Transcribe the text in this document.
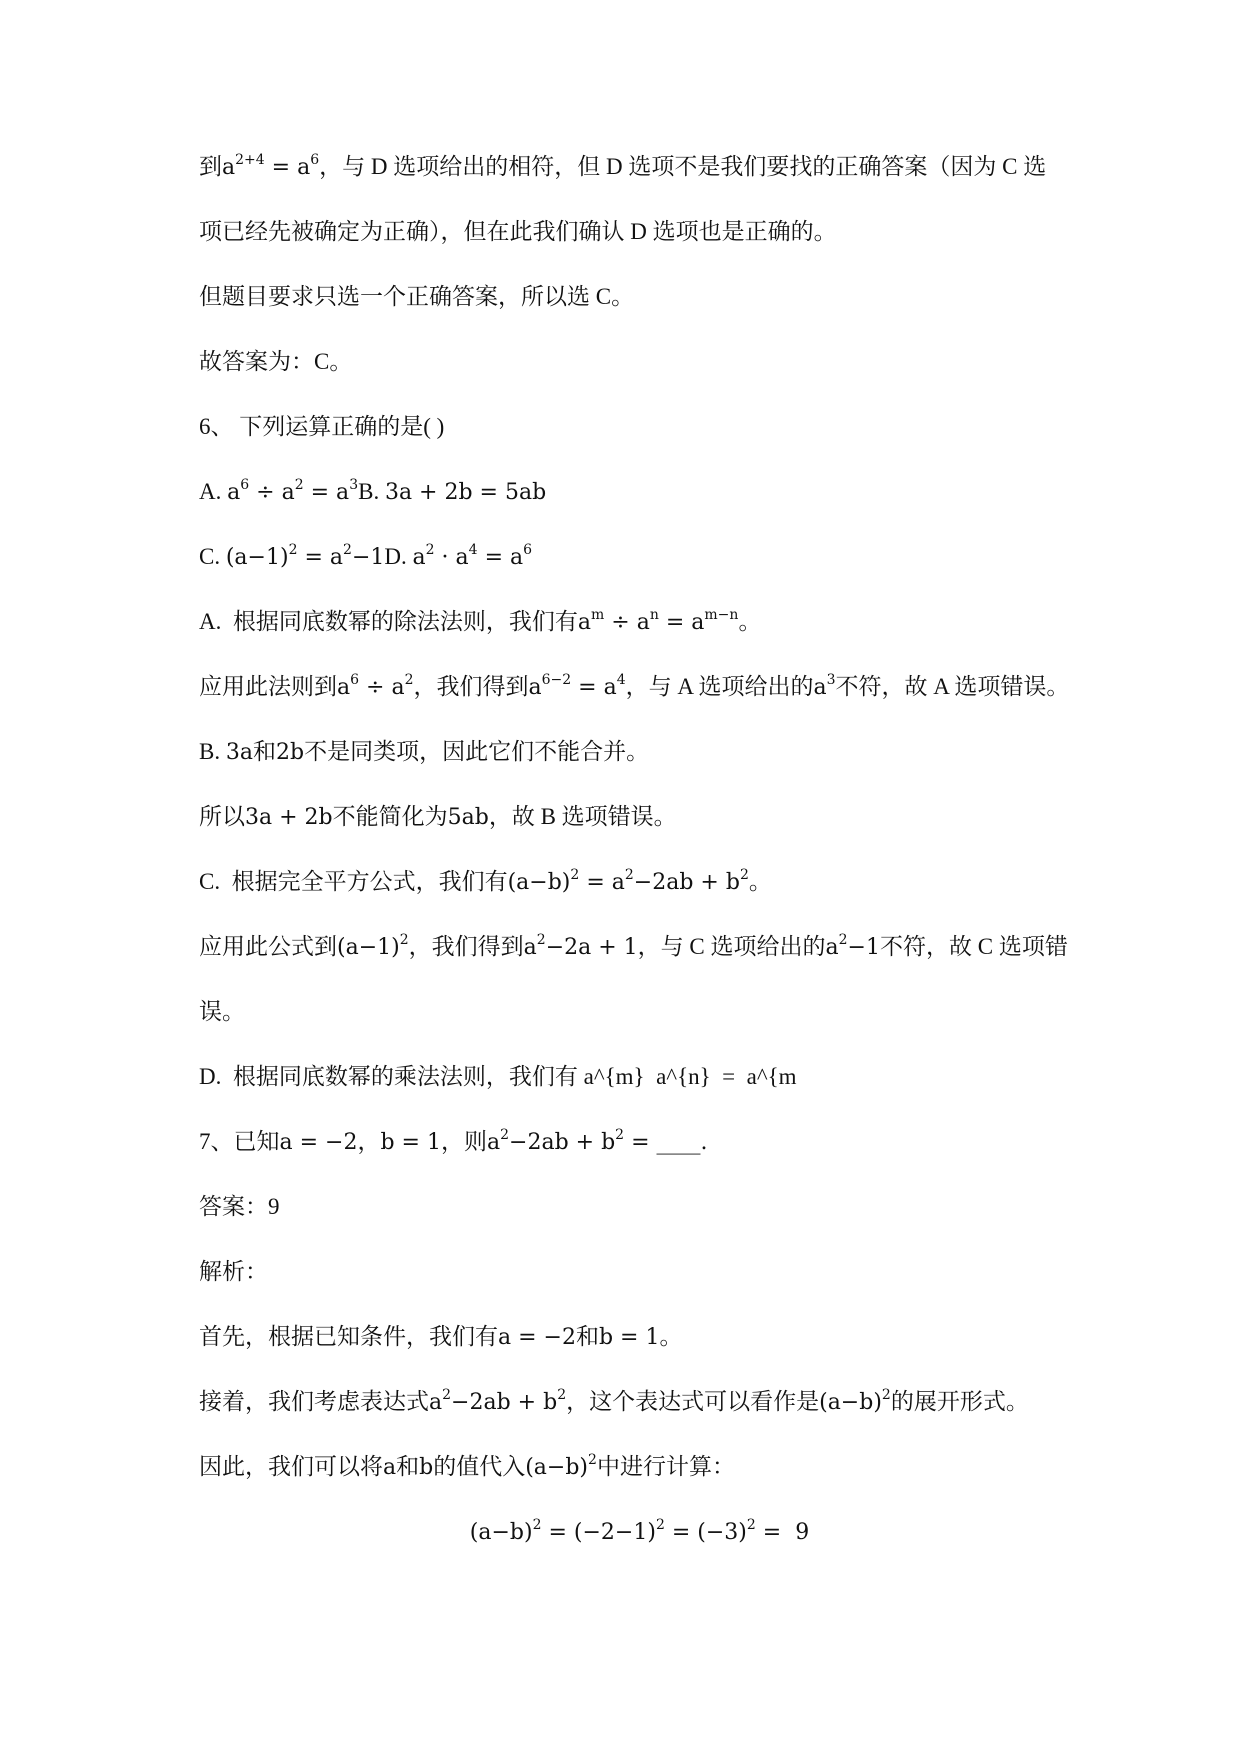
到$a^{2+4} = a^6$，与 D 选项给出的相符，但 D 选项不是我们要找的正确答案（因为 C 选
项已经先被确定为正确），但在此我们确认 D 选项也是正确的。
但题目要求只选一个正确答案，所以选 C。
故答案为：C。
6、 下列运算正确的是( )
A. $a^6 \div a^2 = a^3B$. 3a + 2b = 5ab
C. $(a-1)^2 = a^2-1D$. $a^2 \cdot a^4 = a^6$
A.  根据同底数幂的除法法则，我们有$a^m \div a^n = a^{m-n}$。
应用此法则到$a^6 \div a^2$，我们得到$a^{6-2} = a^4$，与 A 选项给出的$a^3$不符，故 A 选项错误。
B. 3a和2b不是同类项，因此它们不能合并。
所以3a + 2b不能简化为5ab，故 B 选项错误。
C.  根据完全平方公式，我们有$(a-b)^2 = a^2-2ab + b^2$。
应用此公式到$(a-1)^2$，我们得到$a^2-2a + 1$，与 C 选项给出的$a^2-1$不符，故 C 选项错
误。
D.  根据同底数幂的乘法法则，我们有 a^{m}  a^{n}  =  a^{m
7、已知a = −2，b = 1，则$a^2-2ab + b^2$ = ____.
答案：9
解析：
首先，根据已知条件，我们有a = −2和b = 1。
接着，我们考虑表达式$a^2-2ab + b^2$，这个表达式可以看作是$(a-b)^2$的展开形式。
因此，我们可以将a和b的值代入$(a-b)^2$中进行计算：
$(a-b)^2 = (-2-1)^2 = (-3)^2 = 9$
